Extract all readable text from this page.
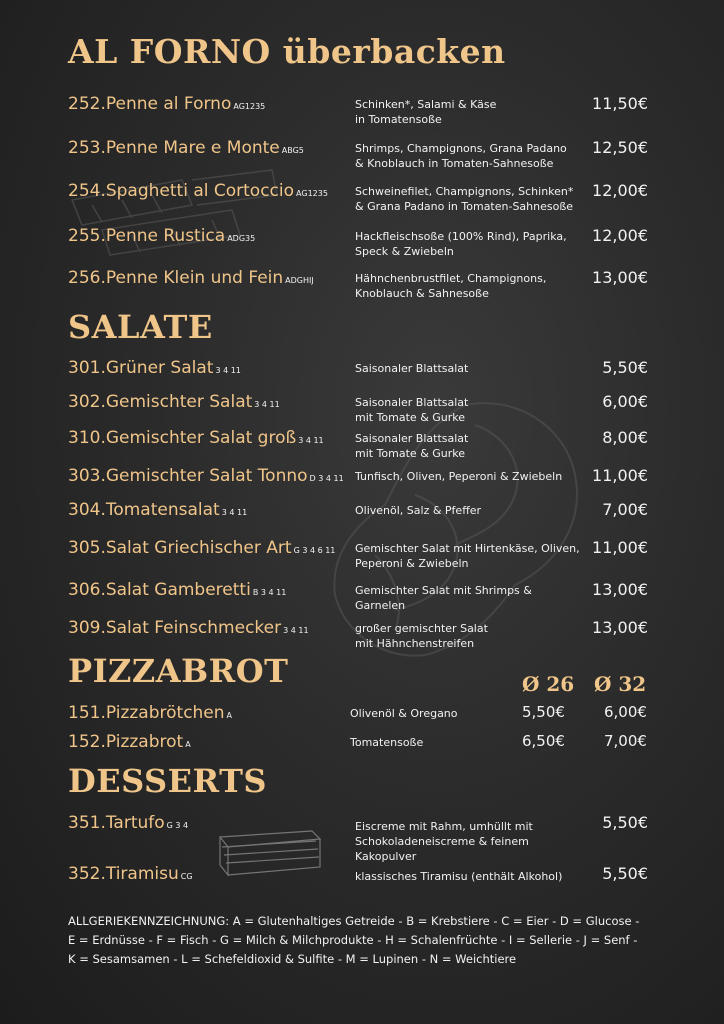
AL FORNO überbacken
252.Penne al Forno AG1235	Schinken*, Salami & Käse
in Tomatensoße
11,50€
253.Penne Mare e Monte ABG5	Shrimps, Champignons, Grana Padano
& Knoblauch in Tomaten-Sahnesoße
12,50€
254.Spaghetti al Cortoccio AG1235 Schweinefilet, Champignons, Schinken*
& Grana Padano in Tomaten-Sahnesoße
12,00€
255.Penne Rustica ADG35	Hackfleischsoße (100% Rind), Paprika,
Speck & Zwiebeln
12,00€
256.Penne Klein und Fein ADGHIJ	Hähnchenbrustfilet, Champignons,
Knoblauch & Sahnesoße
13,00€
SALATE
301.Grüner Salat 3 4 11	Saisonaler Blattsalat	5,50€
302.Gemischter Salat 3 4 11	Saisonaler Blattsalat
mit Tomate & Gurke
6,00€
310.Gemischter Salat groß 3 4 11	Saisonaler Blattsalat
mit Tomate & Gurke
8,00€
303.Gemischter Salat Tonno D 3 4 11 Tunfisch, Oliven, Peperoni & Zwiebeln	11,00€
304.Tomatensalat 3 4 11	Olivenöl, Salz & Pfeffer	7,00€
305.Salat Griechischer Art G 3 4 6 11 Gemischter Salat mit Hirtenkäse, Oliven,
Peperoni & Zwiebeln
11,00€
306.Salat Gamberetti B 3 4 11	Gemischter Salat mit Shrimps &
Garnelen
13,00€
309.Salat Feinschmecker 3 4 11	großer gemischter Salat
mit Hähnchenstreifen
13,00€
PIZZABROT	Ø 26 Ø 32
151.Pizzabrötchen A	Olivenöl & Oregano	5,50€	6,00€
152.Pizzabrot A	Tomatensoße	6,50€	7,00€
DESSERTS
351.Tartufo G 3 4	Eiscreme mit Rahm, umhüllt mit
Schokoladeneiscreme & feinem
Kakopulver
5,50€
352.Tiramisu CG	klassisches Tiramisu (enthält Alkohol)	5,50€
ALLGERIEKENNZEICHNUNG: A = Glutenhaltiges Getreide - B = Krebstiere - C = Eier - D = Glucose -
E = Erdnüsse - F = Fisch - G = Milch & Milchprodukte - H = Schalenfrüchte - I = Sellerie - J = Senf -
K = Sesamsamen - L = Schefeldioxid & Sulfite - M = Lupinen - N = Weichtiere
